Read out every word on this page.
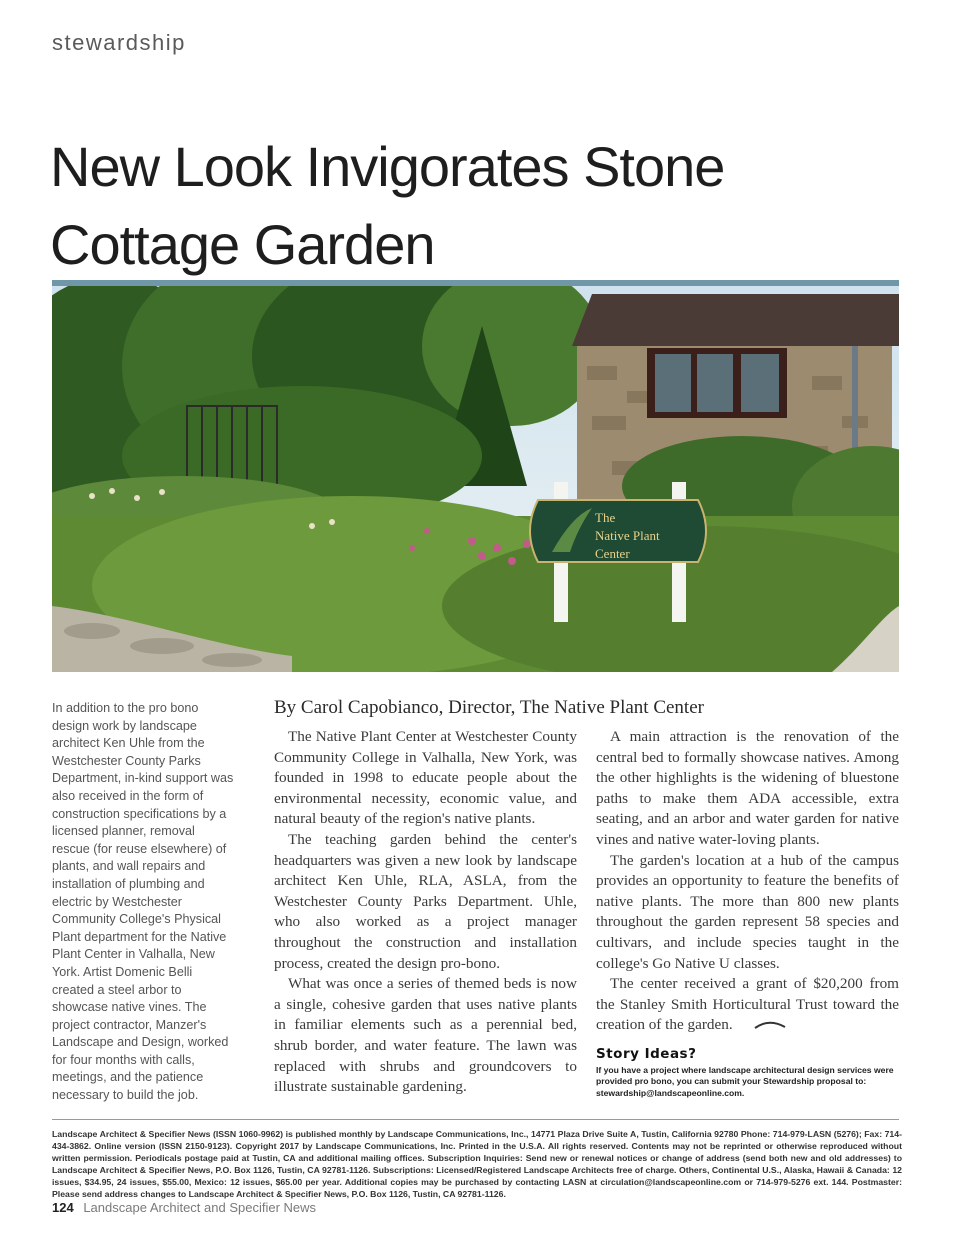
stewardship
New Look Invigorates Stone Cottage Garden
The
Native Plant
Center
In addition to the pro bono design work by landscape architect Ken Uhle from the Westchester County Parks Department, in-kind support was also received in the form of construction specifications by a licensed planner, removal rescue (for reuse elsewhere) of plants, and wall repairs and installation of plumbing and electric by Westchester Community College's Physical Plant department for the Native Plant Center in Valhalla, New York. Artist Domenic Belli created a steel arbor to showcase native vines. The project contractor, Manzer's Landscape and Design, worked for four months with calls, meetings, and the patience necessary to build the job.
By Carol Capobianco, Director, The Native Plant Center

The Native Plant Center at Westchester County Community College in Valhalla, New York, was founded in 1998 to educate people about the environmental necessity, economic value, and natural beauty of the region's native plants.

The teaching garden behind the center's headquarters was given a new look by landscape architect Ken Uhle, RLA, ASLA, from the Westchester County Parks Department. Uhle, who also worked as a project manager throughout the construction and installation process, created the design pro-bono.

What was once a series of themed beds is now a single, cohesive garden that uses native plants in familiar elements such as a perennial bed, shrub border, and water feature. The lawn was replaced with shrubs and groundcovers to illustrate sustainable gardening.

A main attraction is the renovation of the central bed to formally showcase natives. Among the other highlights is the widening of bluestone paths to make them ADA accessible, extra seating, and an arbor and water garden for native vines and native water-loving plants.

The garden's location at a hub of the campus provides an opportunity to feature the benefits of native plants. The more than 800 new plants throughout the garden represent 58 species and cultivars, and include species taught in the college's Go Native U classes.

The center received a grant of $20,200 from the Stanley Smith Horticultural Trust toward the creation of the garden.

Story Ideas?
If you have a project where landscape architectural design services were provided pro bono, you can submit your Stewardship proposal to: stewardship@landscapeonline.com.
Landscape Architect & Specifier News (ISSN 1060-9962) is published monthly by Landscape Communications, Inc., 14771 Plaza Drive Suite A, Tustin, California 92780 Phone: 714-979-LASN (5276); Fax: 714-434-3862. Online version (ISSN 2150-9123). Copyright 2017 by Landscape Communications, Inc. Printed in the U.S.A. All rights reserved. Contents may not be reprinted or otherwise reproduced without written permission. Periodicals postage paid at Tustin, CA and additional mailing offices. Subscription Inquiries: Send new or renewal notices or change of address (send both new and old addresses) to Landscape Architect & Specifier News, P.O. Box 1126, Tustin, CA 92781-1126. Subscriptions: Licensed/Registered Landscape Architects free of charge. Others, Continental U.S., Alaska, Hawaii & Canada: 12 issues, $34.95, 24 issues, $55.00, Mexico: 12 issues, $65.00 per year. Additional copies may be purchased by contacting LASN at circulation@landscapeonline.com or 714-979-5276 ext. 144. Postmaster: Please send address changes to Landscape Architect & Specifier News, P.O. Box 1126, Tustin, CA 92781-1126.
124 Landscape Architect and Specifier News
